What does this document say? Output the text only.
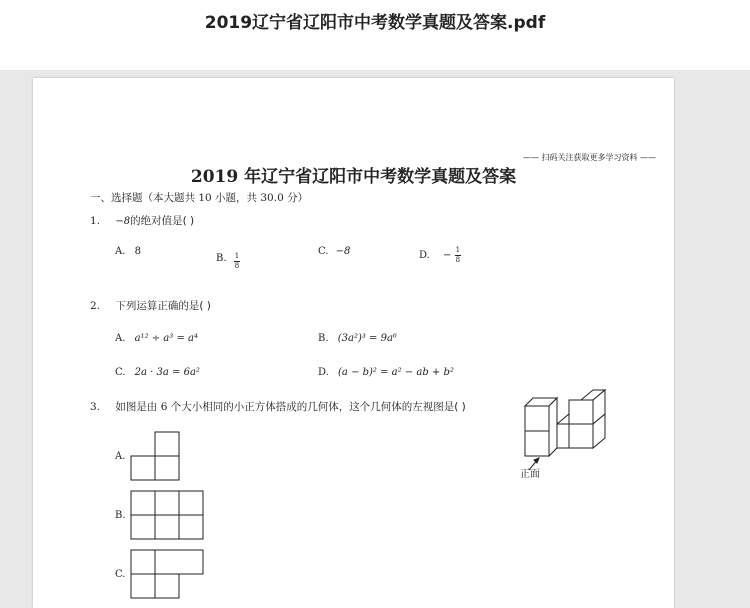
2019辽宁省辽阳市中考数学真题及答案.pdf
—— 扫码关注获取更多学习资料 ——
2019 年辽宁省辽阳市中考数学真题及答案
一、选择题（本大题共 10 小题，共 30.0 分）
1. −8的绝对值是( )
A. 8
B. $\frac{1}{8}$
C. −8	D. − $\frac{1}{8}$
2. 下列运算正确的是( )
A. a¹² ÷ a³ = a⁴	B. (3a²)³ = 9a⁶
C. 2a · 3a = 6a²	D. (a − b)² = a² − ab + b²
3. 如图是由 6 个大小相同的小正方体搭成的几何体，这个几何体的左视图是( )
正面
A.
B.
C.
